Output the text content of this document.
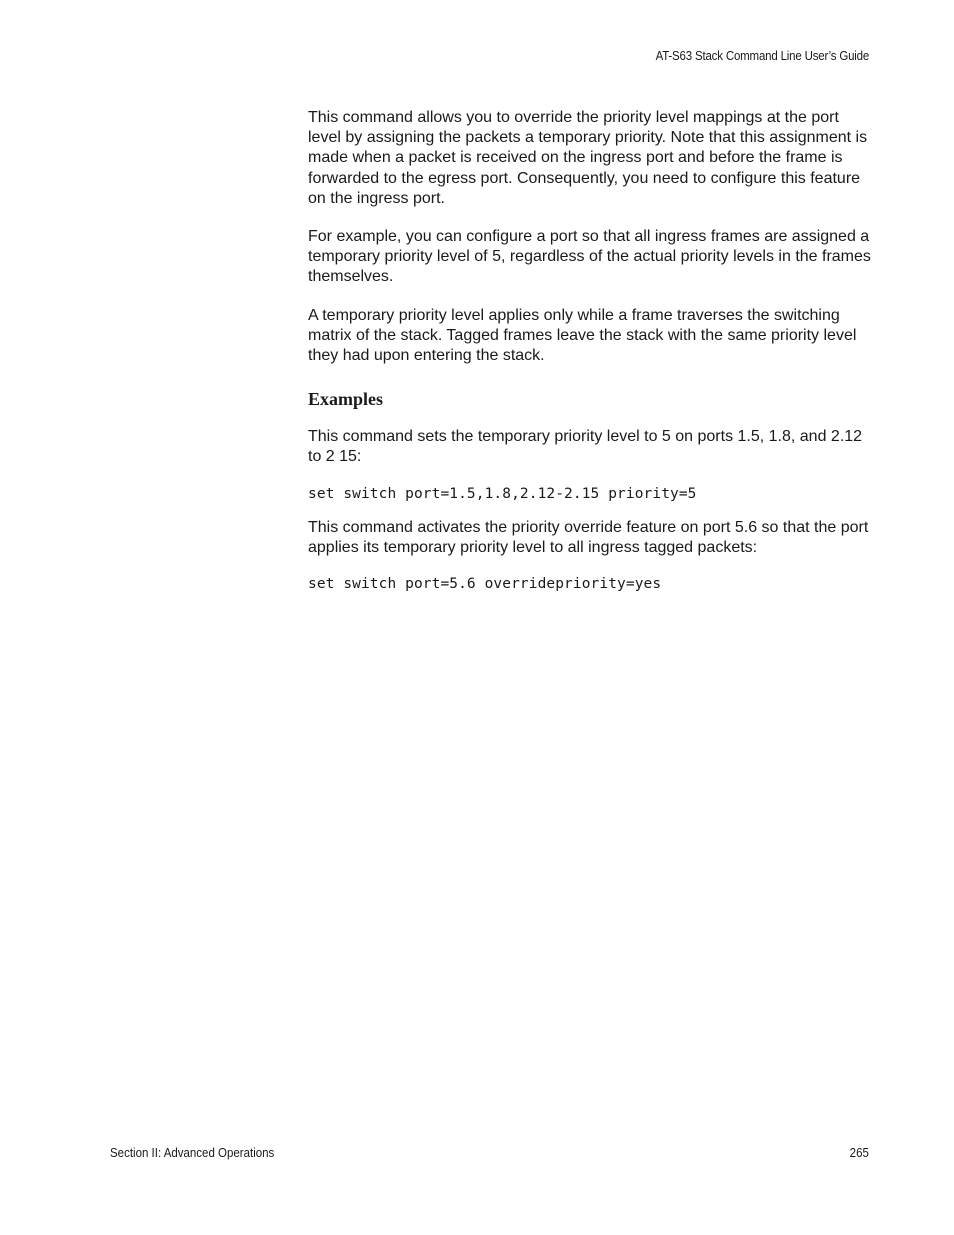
AT-S63 Stack Command Line User’s Guide

This command allows you to override the priority level mappings at the port level by assigning the packets a temporary priority. Note that this assignment is made when a packet is received on the ingress port and before the frame is forwarded to the egress port. Consequently, you need to configure this feature on the ingress port.

For example, you can configure a port so that all ingress frames are assigned a temporary priority level of 5, regardless of the actual priority levels in the frames themselves.

A temporary priority level applies only while a frame traverses the switching matrix of the stack. Tagged frames leave the stack with the same priority level they had upon entering the stack.

Examples

This command sets the temporary priority level to 5 on ports 1.5, 1.8, and 2.12 to 2 15:

set switch port=1.5,1.8,2.12-2.15 priority=5

This command activates the priority override feature on port 5.6 so that the port applies its temporary priority level to all ingress tagged packets:

set switch port=5.6 overridepriority=yes

Section II: Advanced Operations	265
